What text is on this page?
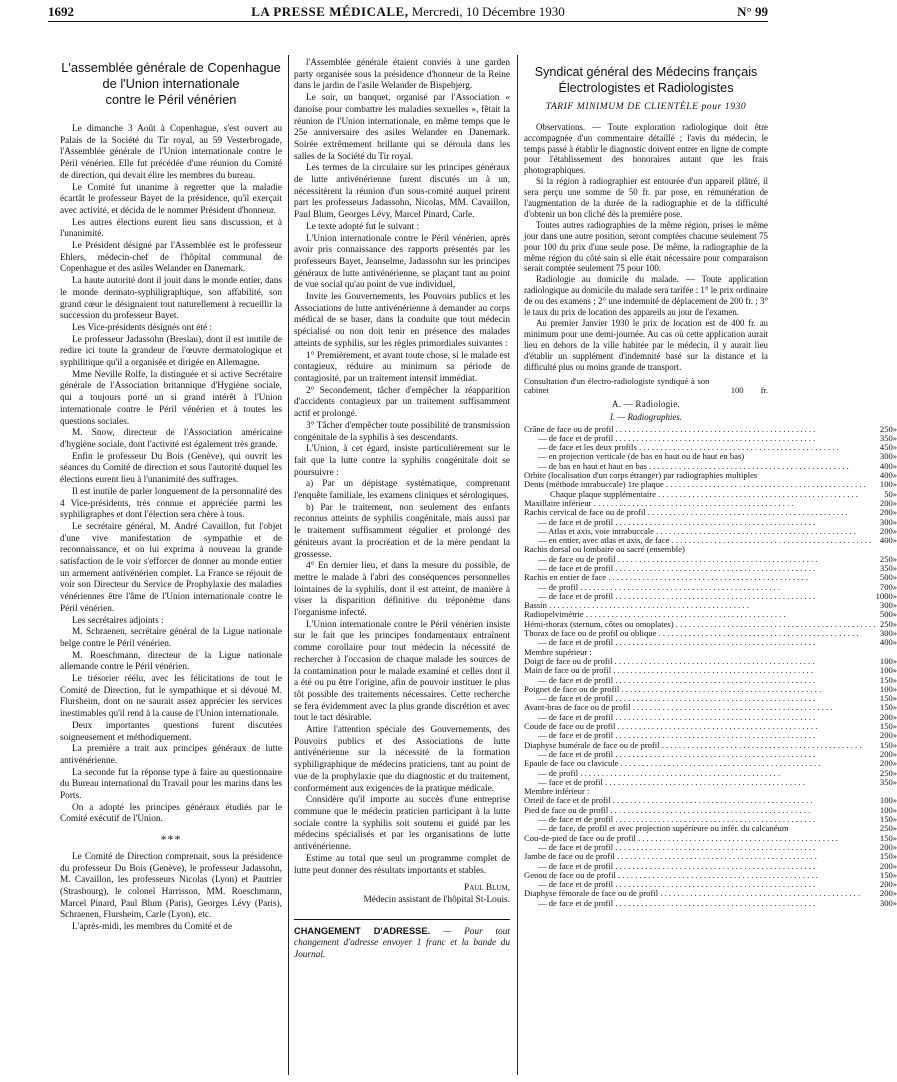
1692	LA PRESSE MÉDICALE, Mercredi, 10 Décembre 1930	N° 99
L'assemblée générale de Copenhague
de l'Union internationale
contre le Péril vénérien

Le dimanche 3 Août à Copenhague, s'est ouvert au Palais de la Société du Tir royal, au 59 Vesterbrogade, l'Assemblée générale de l'Union internationale contre le Péril vénérien. Elle fut précédée d'une réunion du Comité de direction, qui devait élire les membres du bureau.

Le Comité fut unanime à regretter que la maladie écartât le professeur Bayet de la présidence, qu'il exerçait avec activité, et décida de le nommer Président d'honneur.

Les autres élections eurent lieu sans discussion, et à l'unanimité.

Le Président désigné par l'Assemblée est le professeur Ehlers, médecin-chef de l'hôpital communal de Copenhague et des asiles Welander en Danemark.

La haute autorité dont il jouit dans le monde entier, dans le monde dermato-syphiligraphique, son affabilité, son grand cœur le désignaient tout naturellement à recueillir la succession du professeur Bayet.

Les Vice-présidents désignés ont été :

Le professeur Jadassohn (Breslau), dont il est inutile de redire ici toute la grandeur de l'œuvre dermatologique et syphilitique qu'il a organisée et dirigée en Allemagne.

Mme Neville Rolfe, la distinguée et si active Secrétaire générale de l'Association britannique d'Hygiène sociale, qui a toujours porté un si grand intérêt à l'Union internationale contre le Péril vénérien et à toutes les questions sociales.

M. Snow, directeur de l'Association américaine d'hygiène sociale, dont l'activité est également très grande.

Enfin le professeur Du Bois (Genève), qui ouvrit les séances du Comité de direction et sous l'autorité duquel les élections eurent lieu à l'unanimité des suffrages.

Il est inutile de parler longuement de la personnalité des 4 Vice-présidents, très connue et appréciée parmi les syphiligraphes et dont l'élection sera chère à tous.

Le secrétaire général, M. André Cavaillon, fut l'objet d'une vive manifestation de sympathie et de reconnaissance, et on lui exprima à nouveau la grande satisfaction de le voir s'efforcer de donner au monde entier un armement antivénérien complet. La France se réjouit de voir son Directeur du Service de Prophylaxie des maladies vénériennes être l'âme de l'Union internationale contre le Péril vénérien.

Les secrétaires adjoints :

M. Schraenen, secrétaire général de la Ligue nationale belge contre le Péril vénérien.

M. Roeschmann, directeur de la Ligue nationale allemande contre le Péril vénérien.

Le trésorier réélu, avec les félicitations de tout le Comité de Direction, fut le sympathique et si dévoué M. Flursheim, dont on ne saurait assez apprécier les services inestimables qu'il rend à la cause de l'Union internationale.

Deux importantes questions furent discutées soigneusement et méthodiquement.

La première a trait aux principes généraux de lutte antivénérienne.

La seconde fut la réponse type à faire au questionnaire du Bureau international du Travail pour les marins dans les Ports.

On a adopté les principes généraux étudiés par le Comité exécutif de l'Union.

***

Le Comité de Direction comprenait, sous la présidence du professeur Du Bois (Genève), le professeur Jadassohn, M. Cavaillon, les professeurs Nicolas (Lyon) et Pautrier (Strasbourg), le colonel Harrisson, MM. Roeschmann, Marcel Pinard, Paul Blum (Paris), Georges Lévy (Paris), Schraenen, Flursheim, Carle (Lyon), etc.

L'après-midi, les membres du Comité et de

l'Assemblée générale étaient conviés à une garden party organisée sous la présidence d'honneur de la Reine dans le jardin de l'asile Welander de Bispebjerg.

Le soir, un banquet, organisé par l'Association « danoise pour combattre les maladies sexuelles », fêtait la réunion de l'Union internationale, en même temps que le 25e anniversaire des asiles Welander en Danemark. Soirée extrêmement brillante qui se déroula dans les salles de la Société du Tir royal.

Les termes de la circulaire sur les principes généraux de lutte antivénérienne furent discutés un à un, nécessitèrent la réunion d'un sous-comité auquel prirent part les professeurs Jadassohn, Nicolas, MM. Cavaillon, Paul Blum, Georges Lévy, Marcel Pinard, Carle.

Le texte adopté fut le suivant :

L'Union internationale contre le Péril vénérien, après avoir pris connaissance des rapports présentés par les professeurs Bayet, Jeanselme, Jadassohn sur les principes généraux de lutte antivénérienne, se plaçant tant au point de vue social qu'au point de vue individuel,

Invite les Gouvernements, les Pouvoirs publics et les Associations de lutte antivénérienne à demander au corps médical de se baser, dans la conduite que tout médecin spécialisé ou non doit tenir en présence des malades atteints de syphilis, sur les règles primordiales suivantes :

1° Premièrement, et avant toute chose, si le malade est contagieux, réduire au minimum sa période de contagiosité, par un traitement intensif immédiat.

2° Secondement, tâcher d'empêcher la réapparition d'accidents contagieux par un traitement suffisamment actif et prolongé.

3° Tâcher d'empêcher toute possibilité de transmission congénitale de la syphilis à ses descendants.

L'Union, à cet égard, insiste particulièrement sur le fait que la lutte contre la syphilis congénitale doit se poursuivre :

a) Par un dépistage systématique, comprenant l'enquête familiale, les examens cliniques et sérologiques.

b) Par le traitement, non seulement des enfants reconnus atteints de syphilis congénitale, mais aussi par le traitement suffisamment régulier et prolongé des géniteurs avant la procréation et de la mère pendant la grossesse.

4° En dernier lieu, et dans la mesure du possible, de mettre le malade à l'abri des conséquences personnelles lointaines de la syphilis, dont il est atteint, de manière à viser la disparition définitive du tréponème dans l'organisme infecté.

L'Union internationale contre le Péril vénérien insiste sur le fait que les principes fondamentaux entraînent comme corollaire pour tout médecin la nécessité de rechercher à l'occasion de chaque malade les sources de la contamination pour le malade examiné et celles dont il a été ou pu être l'origine, afin de pouvoir instituer le plus tôt possible des traitements nécessaires. Cette recherche se fera évidemment avec la plus grande discrétion et avec tout le tact désirable.

Attire l'attention spéciale des Gouvernements, des Pouvoirs publics et des Associations de lutte antivénérienne sur la nécessité de la formation syphiligraphique de médecins praticiens, tant au point de vue de la prophylaxie que du diagnostic et du traitement, conformément aux exigences de la pratique médicale.

Considère qu'il importe au succès d'une entreprise commune que le médecin praticien participant à la lutte sociale contre la syphilis soit soutenu et guidé par les médecins spécialisés et par les organisations de lutte antivénérienne.

Estime au total que seul un programme complet de lutte peut donner des résultats importants et stables.

Paul Blum,
Médecin assistant de l'hôpital St-Louis.
CHANGEMENT D'ADRESSE. — Pour tout changement d'adresse envoyer 1 franc et la bande du Journal.
Syndicat général des Médecins français
Électrologistes et Radiologistes
TARIF MINIMUM DE CLIENTÈLE pour 1930

Observations. — Toute exploration radiologique doit être accompagnée d'un commentaire détaillé ; l'avis du médecin, le temps passé à établir le diagnostic doivent entrer en ligne de compte pour l'établissement des honoraires autant que les frais photographiques.

Si la région à radiographier est entourée d'un appareil plâtré, il sera perçu une somme de 50 fr. par pose, en rémunération de l'augmentation de la durée de la radiographie et de la difficulté d'obtenir un bon cliché dès la première pose.

Toutes autres radiographies de la même région, prises le même jour dans une autre position, seront comptées chacune seulement 75 pour 100 du prix d'une seule pose. De même, la radiographie de la même région du côté sain si elle était nécessaire pour comparaison serait comptée seulement 75 pour 100.

Radiologie au domicile du malade. — Toute application radiologique au domicile du malade sera tarifée : 1° le prix ordinaire de ou des examens ; 2° une indemnité de déplacement de 200 fr. ; 3° le taux du prix de location des appareils au jour de l'examen.

Au premier Janvier 1930 le prix de location est de 400 fr. au minimum pour une demi-journée. Au cas où cette application aurait lieu en dehors de la ville habitée par le médecin, il y aurait lieu d'établir un supplément d'indemnité basé sur la distance et la difficulté plus ou moins grande de transport.

Consultation d'un électro-radiologiste syndiqué à son cabinet	100	fr.
A. — Radiologie.
I. — Radiographies.
Crâne de face ou de profil . . .	250	»

— de face et de profil . . .	350	»

— de face et les deux profils . . .	450	»

— en projection verticale (de bas en haut ou de haut en bas)	300	»

— de bas en haut et haut en bas . . .	400	»

Orbite (localisation d'un corps étranger) par radiographies multiples	400	»

Dents (méthode intrabuccale) 1re plaque . . .	100	»

Chaque plaque supplémentaire . . .	50	»

Maxillaire inférieur . . .	200	»

Rachis cervical de face ou de profil . . .	200	»

— de face et de profil . . .	300	»

— Atlas et axis, voie intrabuccale . . .	200	»

— en entier, avec atlas et axis, de face . . .	400	»

Rachis dorsal ou lombaire ou sacré (ensemble)		

— de face ou de profil . . .	250	»

— de face et de profil . . .	350	»

Rachis en entier de face . . .	500	»

— de profil . . .	700	»

— de face et de profil . . .	1000	»

Bassin . . .	300	»

Radiopelvimétrie . . .	500	»

Hémi-thorax (sternum, côtes ou omoplates) . . .	250	»

Thorax de face ou de profil ou oblique . . .	300	»

— de face et de profil . . .	400	»

Membre supérieur :		

Doigt de face ou de profil . . .	100	»

Main de face ou de profil . . .	100	»

— de face et de profil . . .	150	»

Poignet de face ou de profil . . .	100	»

— de face et de profil . . .	150	»

Avant-bras de face ou de profil . . .	150	»

— de face et de profil . . .	200	»

Coude de face ou de profil . . .	150	»

— de face et de profil . . .	200	»

Diaphyse humérale de face ou de profil . . .	150	»

— de face et de profil . . .	200	»

Epaule de face ou clavicule . . .	200	»

— de profil . . .	250	»

— face et de profil . . .	350	»

Membre inférieur :		

Orteil de face et de profil . . .	100	»

Pied de face ou de profil . . .	100	»

— de face et de profil . . .	150	»

— de face, de profil et avec projection supérieure ou infér. du calcanéum	250	»

Cou-de-pied de face ou de profil . . .	150	»

— de face et de profil . . .	200	»

Jambe de face ou de profil . . .	150	»

— de face et de profil . . .	200	»

Genou de face ou de profil . . .	150	»

— de face et de profil . . .	200	»

Diaphyse fémorale de face ou de profil . . .	200	»

— de face et de profil . . .	300	»
